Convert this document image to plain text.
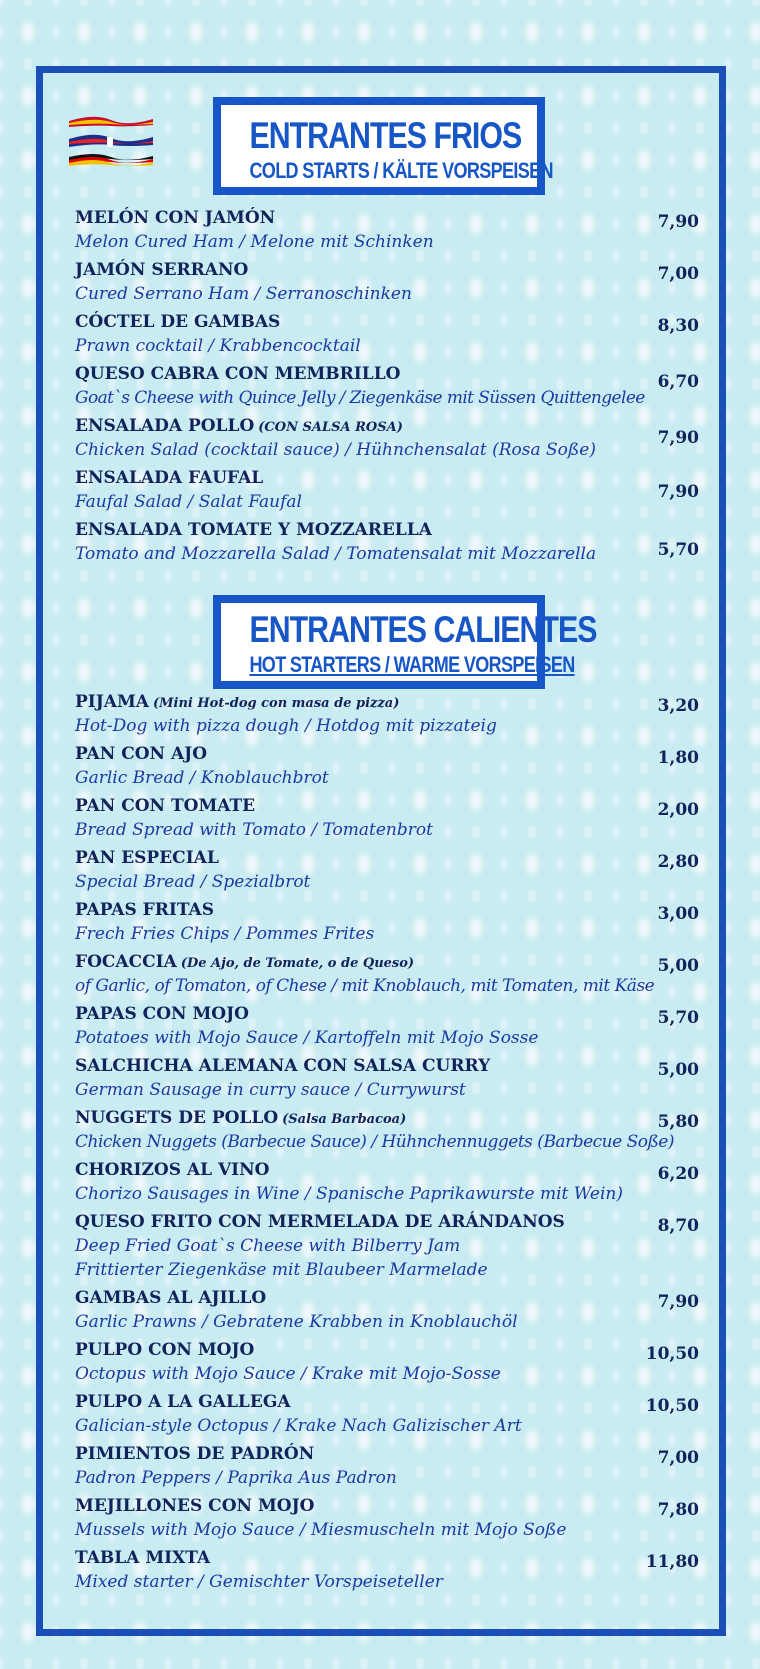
ENTRANTES FRIOS
COLD STARTS / KÄLTE VORSPEISEN
ENTRANTES CALIENTES
HOT STARTERS / WARME VORSPEISEN
MELÓN CON JAMÓN
Melon Cured Ham / Melone mit Schinken
7,90
JAMÓN SERRANO
Cured Serrano Ham / Serranoschinken
7,00
CÓCTEL DE GAMBAS
Prawn cocktail / Krabbencocktail
8,30
QUESO CABRA CON MEMBRILLO
Goat`s Cheese with Quince Jelly / Ziegenkäse mit Süssen Quittengelee
6,70
ENSALADA POLLO (CON SALSA ROSA)
Chicken Salad (cocktail sauce) / Hühnchensalat (Rosa Soße)
7,90
ENSALADA FAUFAL
Faufal Salad / Salat Faufal	7,90
ENSALADA TOMATE Y MOZZARELLA
Tomato and Mozzarella Salad / Tomatensalat mit Mozzarella	5,70
PIJAMA (Mini Hot-dog con masa de pizza)
Hot-Dog with pizza dough / Hotdog mit pizzateig
3,20
PAN CON AJO
Garlic Bread / Knoblauchbrot
1,80
PAN CON TOMATE
Bread Spread with Tomato / Tomatenbrot
2,00
PAN ESPECIAL
Special Bread / Spezialbrot
2,80
PAPAS FRITAS
Frech Fries Chips / Pommes Frites
3,00
FOCACCIA (De Ajo, de Tomate, o de Queso)
of Garlic, of Tomaton, of Chese / mit Knoblauch, mit Tomaten, mit Käse
5,00
PAPAS CON MOJO
Potatoes with Mojo Sauce / Kartoffeln mit Mojo Sosse
5,70
SALCHICHA ALEMANA CON SALSA CURRY
German Sausage in curry sauce / Currywurst
5,00
NUGGETS DE POLLO (Salsa Barbacoa)
Chicken Nuggets (Barbecue Sauce) / Hühnchennuggets (Barbecue Soße)
5,80
CHORIZOS AL VINO
Chorizo Sausages in Wine / Spanische Paprikawurste mit Wein)
6,20
QUESO FRITO CON MERMELADA DE ARÁNDANOS
Deep Fried Goat`s Cheese with Bilberry Jam
Frittierter Ziegenkäse mit Blaubeer Marmelade
8,70
GAMBAS AL AJILLO
Garlic Prawns / Gebratene Krabben in Knoblauchöl
7,90
PULPO CON MOJO
Octopus with Mojo Sauce / Krake mit Mojo-Sosse
10,50
PULPO A LA GALLEGA
Galician-style Octopus / Krake Nach Galizischer Art
10,50
PIMIENTOS DE PADRÓN
Padron Peppers / Paprika Aus Padron
7,00
MEJILLONES CON MOJO
Mussels with Mojo Sauce / Miesmuscheln mit Mojo Soße
7,80
TABLA MIXTA
Mixed starter / Gemischter Vorspeiseteller
11,80
